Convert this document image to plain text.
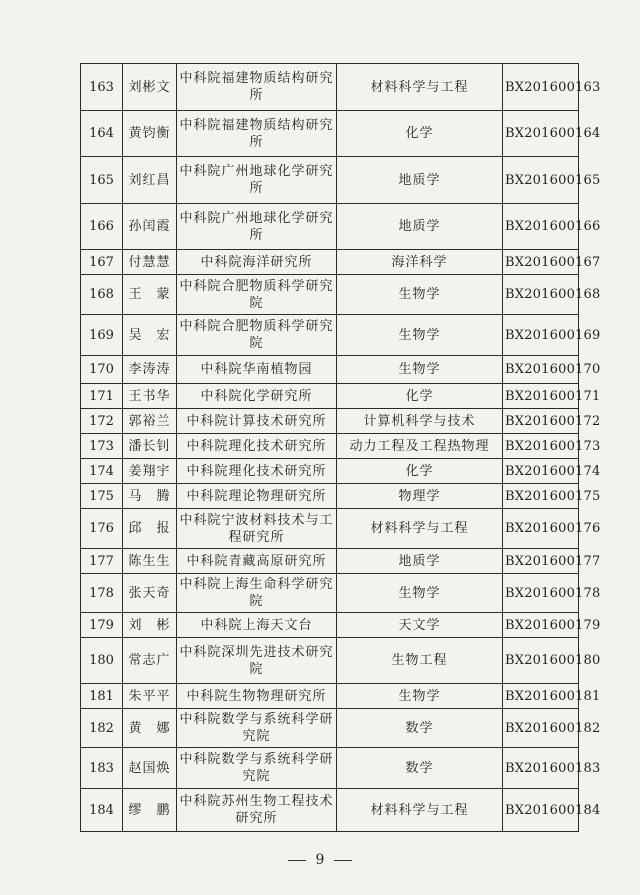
163	刘彬文	中科院福建物质结构研究所	材料科学与工程	BX201600163
164	黄钧衡	中科院福建物质结构研究所	化学	BX201600164
165	刘红昌	中科院广州地球化学研究所	地质学	BX201600165
166	孙闰霞	中科院广州地球化学研究所	地质学	BX201600166
167	付慧慧	中科院海洋研究所	海洋科学	BX201600167
168	王　蒙	中科院合肥物质科学研究院	生物学	BX201600168
169	吴　宏	中科院合肥物质科学研究院	生物学	BX201600169
170	李涛涛	中科院华南植物园	生物学	BX201600170
171	王书华	中科院化学研究所	化学	BX201600171
172	郭裕兰	中科院计算技术研究所	计算机科学与技术	BX201600172
173	潘长钊	中科院理化技术研究所	动力工程及工程热物理	BX201600173
174	姜翔宇	中科院理化技术研究所	化学	BX201600174
175	马　腾	中科院理论物理研究所	物理学	BX201600175
176	邱　报	中科院宁波材料技术与工程研究所	材料科学与工程	BX201600176
177	陈生生	中科院青藏高原研究所	地质学	BX201600177
178	张天奇	中科院上海生命科学研究院	生物学	BX201600178
179	刘　彬	中科院上海天文台	天文学	BX201600179
180	常志广	中科院深圳先进技术研究院	生物工程	BX201600180
181	朱平平	中科院生物物理研究所	生物学	BX201600181
182	黄　娜	中科院数学与系统科学研究院	数学	BX201600182
183	赵国焕	中科院数学与系统科学研究院	数学	BX201600183
184	缪　鹏	中科院苏州生物工程技术研究所	材料科学与工程	BX201600184
9
